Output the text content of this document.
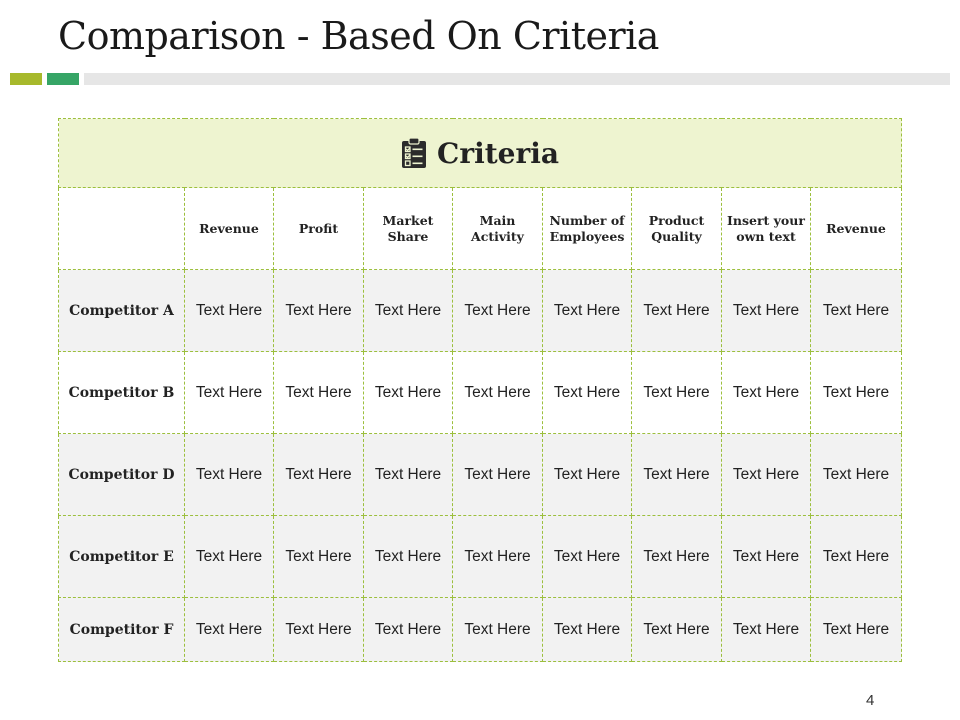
Comparison - Based On Criteria
Criteria								

	Revenue	Profit	Market Share	Main Activity	Number of Employees	Product Quality	Insert your own text	Revenue
Competitor A	Text Here	Text Here	Text Here	Text Here	Text Here	Text Here	Text Here	Text Here
Competitor B	Text Here	Text Here	Text Here	Text Here	Text Here	Text Here	Text Here	Text Here
Competitor D	Text Here	Text Here	Text Here	Text Here	Text Here	Text Here	Text Here	Text Here
Competitor E	Text Here	Text Here	Text Here	Text Here	Text Here	Text Here	Text Here	Text Here
Competitor F	Text Here	Text Here	Text Here	Text Here	Text Here	Text Here	Text Here	Text Here
4
